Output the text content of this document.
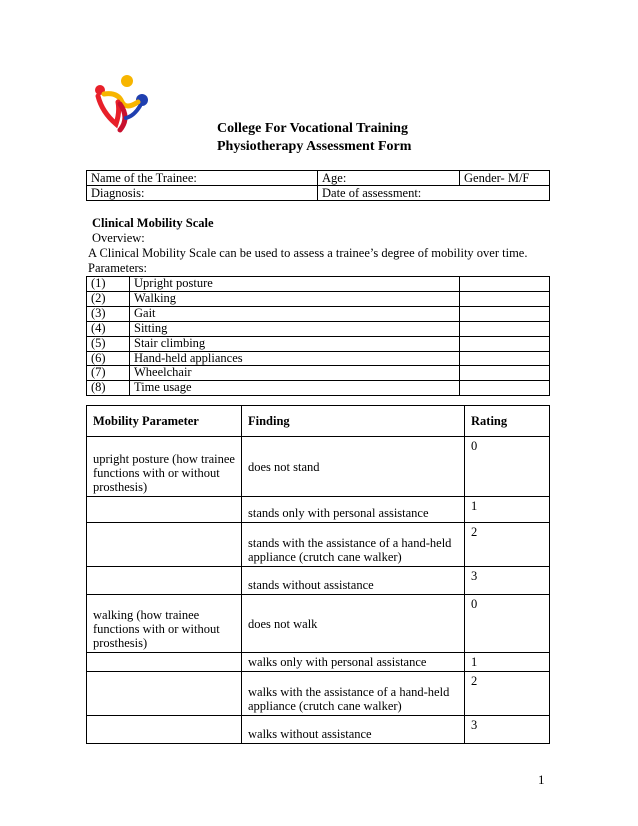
College For Vocational Training
Physiotherapy Assessment Form
Name of the Trainee:	Age:	Gender- M/F
Diagnosis:	Date of assessment:	
Clinical Mobility Scale
Overview:
A Clinical Mobility Scale can be used to assess a trainee’s degree of mobility over time.
Parameters:
(1)	Upright posture	
(2)	Walking	
(3)	Gait	
(4)	Sitting	
(5)	Stair climbing	
(6)	Hand-held appliances	
(7)	Wheelchair	
(8)	Time usage	
Mobility Parameter	Finding	Rating
upright posture (how trainee functions with or without prosthesis)	does not stand	0
	stands only with personal assistance	1
	stands with the assistance of a hand-held appliance (crutch cane walker)	2
	stands without assistance	3
walking (how trainee functions with or without prosthesis)	does not walk	0
	walks only with personal assistance	1
	walks with the assistance of a hand-held appliance (crutch cane walker)	2
	walks without assistance	3
1
